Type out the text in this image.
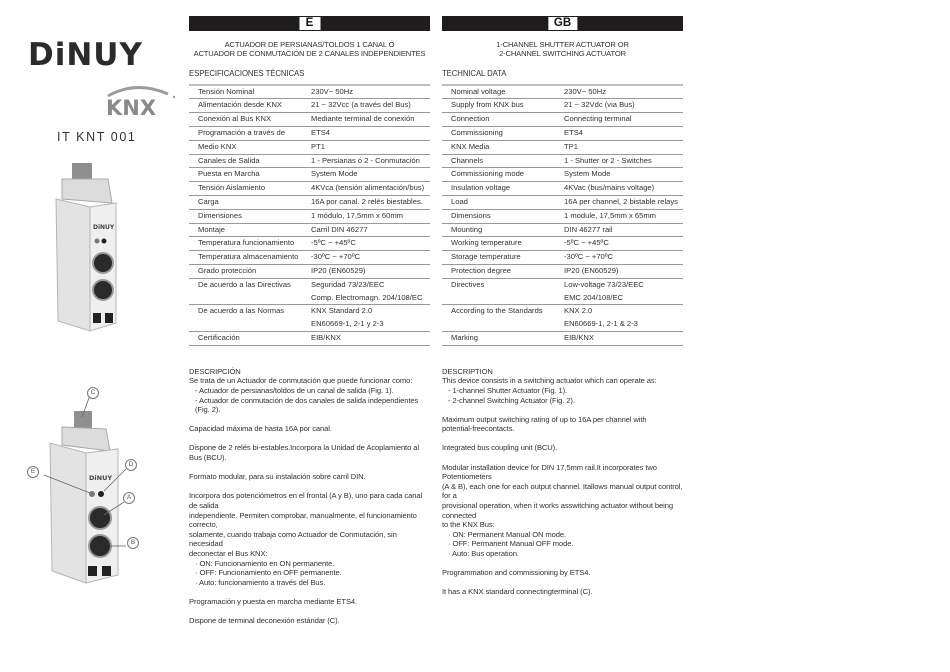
DiNUY
KNX
IT KNT 001
DiNUY
DiNUY
C
D
E
A
B
E
ACTUADOR DE PERSIANAS/TOLDOS 1 CANAL Ó
ACTUADOR DE CONMUTACIÓN DE 2 CANALES INDEPENDIENTES
ESPECIFICACIONES TÉCNICAS
Tensión Nominal	230V~ 50Hz

Alimentación desde KNX	21 ~ 32Vcc (a través del Bus)

Conexión al Bus KNX	Mediante terminal de conexión

Programación a través de	ETS4

Medio KNX	PT1

Canales de Salida	1 - Persianas ó 2 - Conmutación

Puesta en Marcha	System Mode

Tensión Aislamiento	4KVca (tensión alimentación/bus)

Carga	16A por canal. 2 relés biestables.

Dimensiones	1 módulo, 17,5mm x 60mm

Montaje	Carril DIN 46277

Temperatura funcionamiento	-5ºC ~ +45ºC

Temperatura almacenamiento	-30ºC ~ +70ºC

Grado protección	IP20 (EN60529)

De acuerdo a las Directivas	Seguridad 73/23/EEC
Comp. Electromagn. 204/108/EC

De acuerdo a las Normas	KNX Standard 2.0
EN60669-1, 2-1 y 2-3

Certificación	EIB/KNX
DESCRIPCIÓN

Se trata de un Actuador de conmutación que puede funcionar como:
- Actuador de persianas/toldos de un canal de salida (Fig. 1).
- Actuador de conmutación de dos canales de salida independientes (Fig. 2).

Capacidad máxima de hasta 16A por canal.

Dispone de 2 relés bi-estables.Incorpora la Unidad de Acoplamiento al Bus (BCU).

Formato modular, para su instalación sobre carril DIN.

Incorpora dos potenciómetros en el frontal (A y B), uno para cada canal de salida
independiente. Permiten comprobar, manualmente, el funcionamiento correcto,
solamente, cuando trabaja como Actuador de Conmutación, sin necesidad
deconectar el Bus KNX:
· ON: Funcionamiento en ON permanente.
· OFF: Funcionamiento en OFF permanente.
· Auto: funcionamiento a través del Bus.

Programación y puesta en marcha mediante ETS4.

Dispone de terminal deconexión estándar (C).

GB
1-CHANNEL SHUTTER ACTUATOR OR
2-CHANNEL SWITCHING ACTUATOR
TECHNICAL DATA
Nominal voltage	230V~ 50Hz

Supply from KNX bus	21 ~ 32Vdc (via Bus)

Connection	Connecting terminal

Commissioning	ETS4

KNX Media	TP1

Channels	1 - Shutter or 2 - Switches

Commissioning mode	System Mode

Insulation voltage	4KVac (bus/mains voltage)

Load	16A per channel, 2 bistable relays

Dimensions	1 module, 17,5mm x 65mm

Mounting	DIN 46277 rail

Working temperature	-5ºC ~ +45ºC

Storage temperature	-30ºC ~ +70ºC

Protection degree	IP20 (EN60529)

Directives	Low-voltage 73/23/EEC
EMC 204/108/EC

According to the Standards	KNX 2.0
EN60669-1, 2-1 & 2-3

Marking	EIB/KNX
DESCRIPTION

This device consists in a switching actuator which can operate as:
- 1-channel Shutter Actuator (Fig. 1).
- 2-channel Switching Actuator (Fig. 2).

Maximum output switching rating of up to 16A per channel with
potential-freecontacts.

Integrated bus coupling unit (BCU).

Modular installation device for DIN 17,5mm rail.It incorporates two Potentiometers
(A & B), each one for each output channel. Itallows manual output control, for a
provisional operation, when it works asswitching actuator without being connected
to the KNX Bus:
· ON: Permanent Manual ON mode.
· OFF: Permanent Manual OFF mode.
· Auto: Bus operation.

Programmation and commissioning by ETS4.

It has a KNX standard connectingterminal (C).
